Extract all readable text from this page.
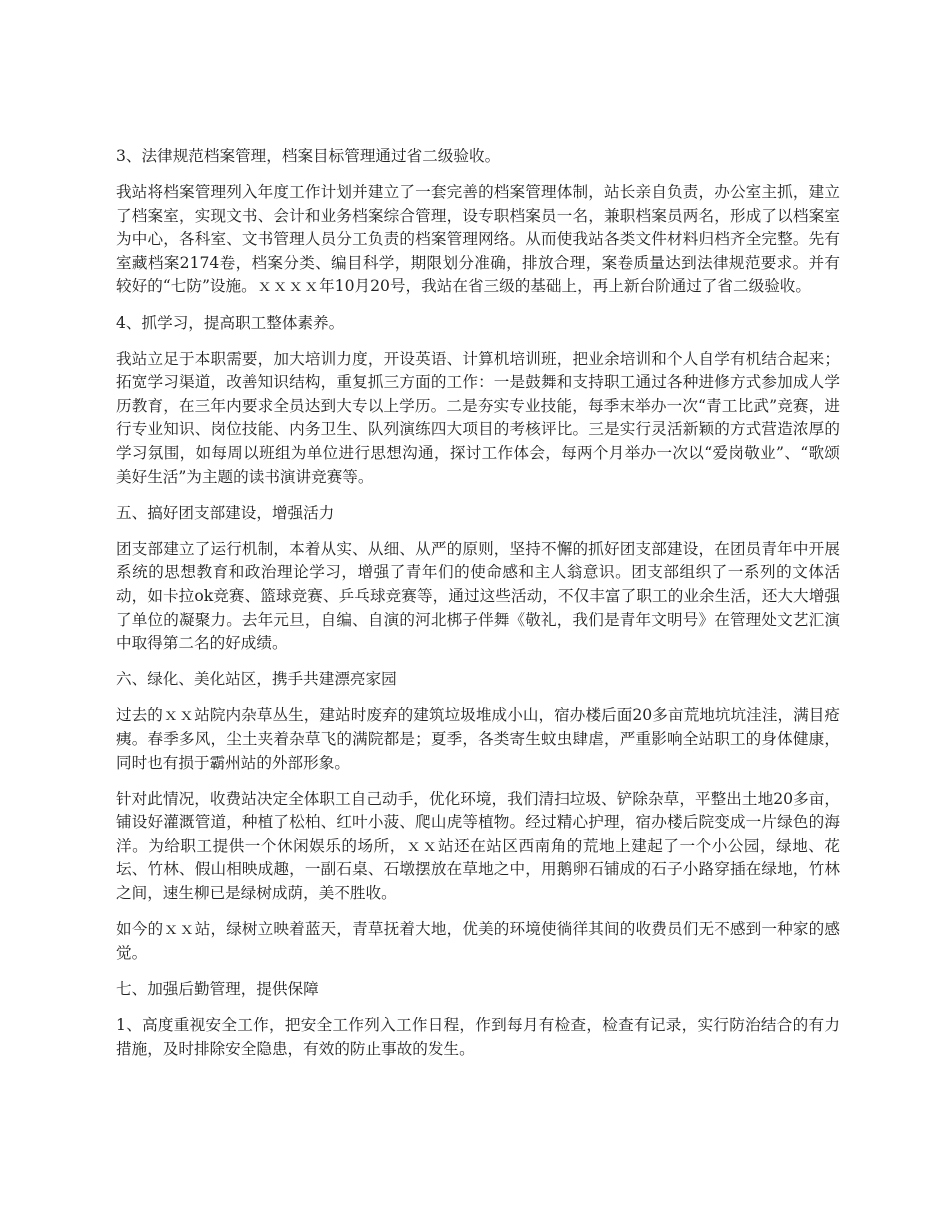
3、法律规范档案管理，档案目标管理通过省二级验收。

我站将档案管理列入年度工作计划并建立了一套完善的档案管理体制，站长亲自负责，办公室主抓，建立了档案室，实现文书、会计和业务档案综合管理，设专职档案员一名，兼职档案员两名，形成了以档案室为中心，各科室、文书管理人员分工负责的档案管理网络。从而使我站各类文件材料归档齐全完整。先有室藏档案2174卷，档案分类、编目科学，期限划分准确，排放合理，案卷质量达到法律规范要求。并有较好的“七防”设施。ｘｘｘｘ年10月20号，我站在省三级的基础上，再上新台阶通过了省二级验收。

4、抓学习，提高职工整体素养。

我站立足于本职需要，加大培训力度，开设英语、计算机培训班，把业余培训和个人自学有机结合起来；拓宽学习渠道，改善知识结构，重复抓三方面的工作：一是鼓舞和支持职工通过各种进修方式参加成人学历教育，在三年内要求全员达到大专以上学历。二是夯实专业技能，每季末举办一次“青工比武”竞赛，进行专业知识、岗位技能、内务卫生、队列演练四大项目的考核评比。三是实行灵活新颖的方式营造浓厚的学习氛围，如每周以班组为单位进行思想沟通，探讨工作体会，每两个月举办一次以“爱岗敬业”、“歌颂美好生活”为主题的读书演讲竞赛等。

五、搞好团支部建设，增强活力

团支部建立了运行机制，本着从实、从细、从严的原则，坚持不懈的抓好团支部建设，在团员青年中开展系统的思想教育和政治理论学习，增强了青年们的使命感和主人翁意识。团支部组织了一系列的文体活动，如卡拉ok竞赛、篮球竞赛、乒乓球竞赛等，通过这些活动，不仅丰富了职工的业余生活，还大大增强了单位的凝聚力。去年元旦，自编、自演的河北梆子伴舞《敬礼，我们是青年文明号》在管理处文艺汇演中取得第二名的好成绩。

六、绿化、美化站区，携手共建漂亮家园

过去的ｘｘ站院内杂草丛生，建站时废弃的建筑垃圾堆成小山，宿办楼后面20多亩荒地坑坑洼洼，满目疮痍。春季多风，尘土夹着杂草飞的满院都是；夏季，各类寄生蚊虫肆虐，严重影响全站职工的身体健康，同时也有损于霸州站的外部形象。

针对此情况，收费站决定全体职工自己动手，优化环境，我们清扫垃圾、铲除杂草，平整出土地20多亩，铺设好灌溉管道，种植了松柏、红叶小菠、爬山虎等植物。经过精心护理，宿办楼后院变成一片绿色的海洋。为给职工提供一个休闲娱乐的场所，ｘｘ站还在站区西南角的荒地上建起了一个小公园，绿地、花坛、竹林、假山相映成趣，一副石桌、石墩摆放在草地之中，用鹅卵石铺成的石子小路穿插在绿地，竹林之间，速生柳已是绿树成荫，美不胜收。

如今的ｘｘ站，绿树立映着蓝天，青草抚着大地，优美的环境使徜徉其间的收费员们无不感到一种家的感觉。

七、加强后勤管理，提供保障

1、高度重视安全工作，把安全工作列入工作日程，作到每月有检查，检查有记录，实行防治结合的有力措施，及时排除安全隐患，有效的防止事故的发生。
